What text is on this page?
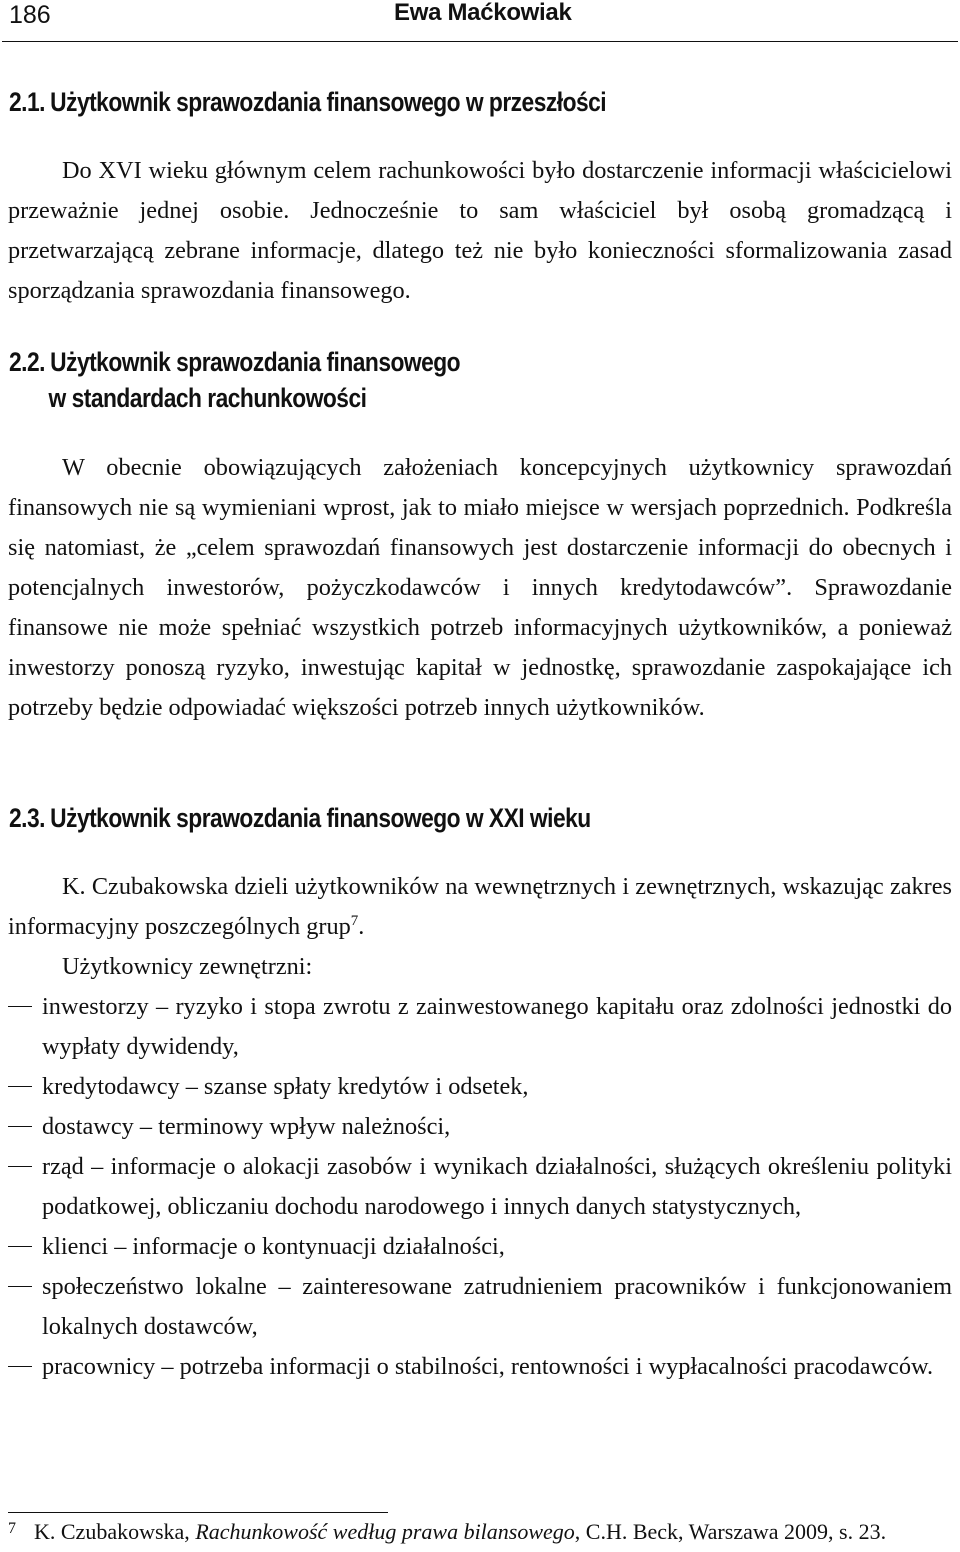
186	Ewa Maćkowiak
2.1. Użytkownik sprawozdania finansowego w przeszłości

Do XVI wieku głównym celem rachunkowości było dostarczenie informacji właścicielowi przeważnie jednej osobie. Jednocześnie to sam właściciel był osobą gromadzącą i przetwarzającą zebrane informacje, dlatego też nie było konieczności sformalizowania zasad sporządzania sprawozdania finansowego.

2.2. Użytkownik sprawozdania finansowego
w standardach rachunkowości

W obecnie obowiązujących założeniach koncepcyjnych użytkownicy sprawozdań finansowych nie są wymieniani wprost, jak to miało miejsce w wersjach poprzednich. Podkreśla się natomiast, że „celem sprawozdań finansowych jest dostarczenie informacji do obecnych i potencjalnych inwestorów, pożyczkodawców i innych kredytodawców”. Sprawozdanie finansowe nie może spełniać wszystkich potrzeb informacyjnych użytkowników, a ponieważ inwestorzy ponoszą ryzyko, inwestując kapitał w jednostkę, sprawozdanie zaspokajające ich potrzeby będzie odpowiadać większości potrzeb innych użytkowników.

2.3. Użytkownik sprawozdania finansowego w XXI wieku

K. Czubakowska dzieli użytkowników na wewnętrznych i zewnętrznych, wskazując zakres informacyjny poszczególnych grup$^7$.
Użytkownicy zewnętrzni:

inwestorzy – ryzyko i stopa zwrotu z zainwestowanego kapitału oraz zdolności jednostki do wypłaty dywidendy,
kredytodawcy – szanse spłaty kredytów i odsetek,
dostawcy – terminowy wpływ należności,
rząd – informacje o alokacji zasobów i wynikach działalności, służących określeniu polityki podatkowej, obliczaniu dochodu narodowego i innych danych statystycznych,
klienci – informacje o kontynuacji działalności,
społeczeństwo lokalne – zainteresowane zatrudnieniem pracowników i funkcjonowaniem lokalnych dostawców,
pracownicy – potrzeba informacji o stabilności, rentowności i wypłacalności pracodawców.

$^7$ K. Czubakowska, Rachunkowość według prawa bilansowego, C.H. Beck, Warszawa 2009, s. 23.
